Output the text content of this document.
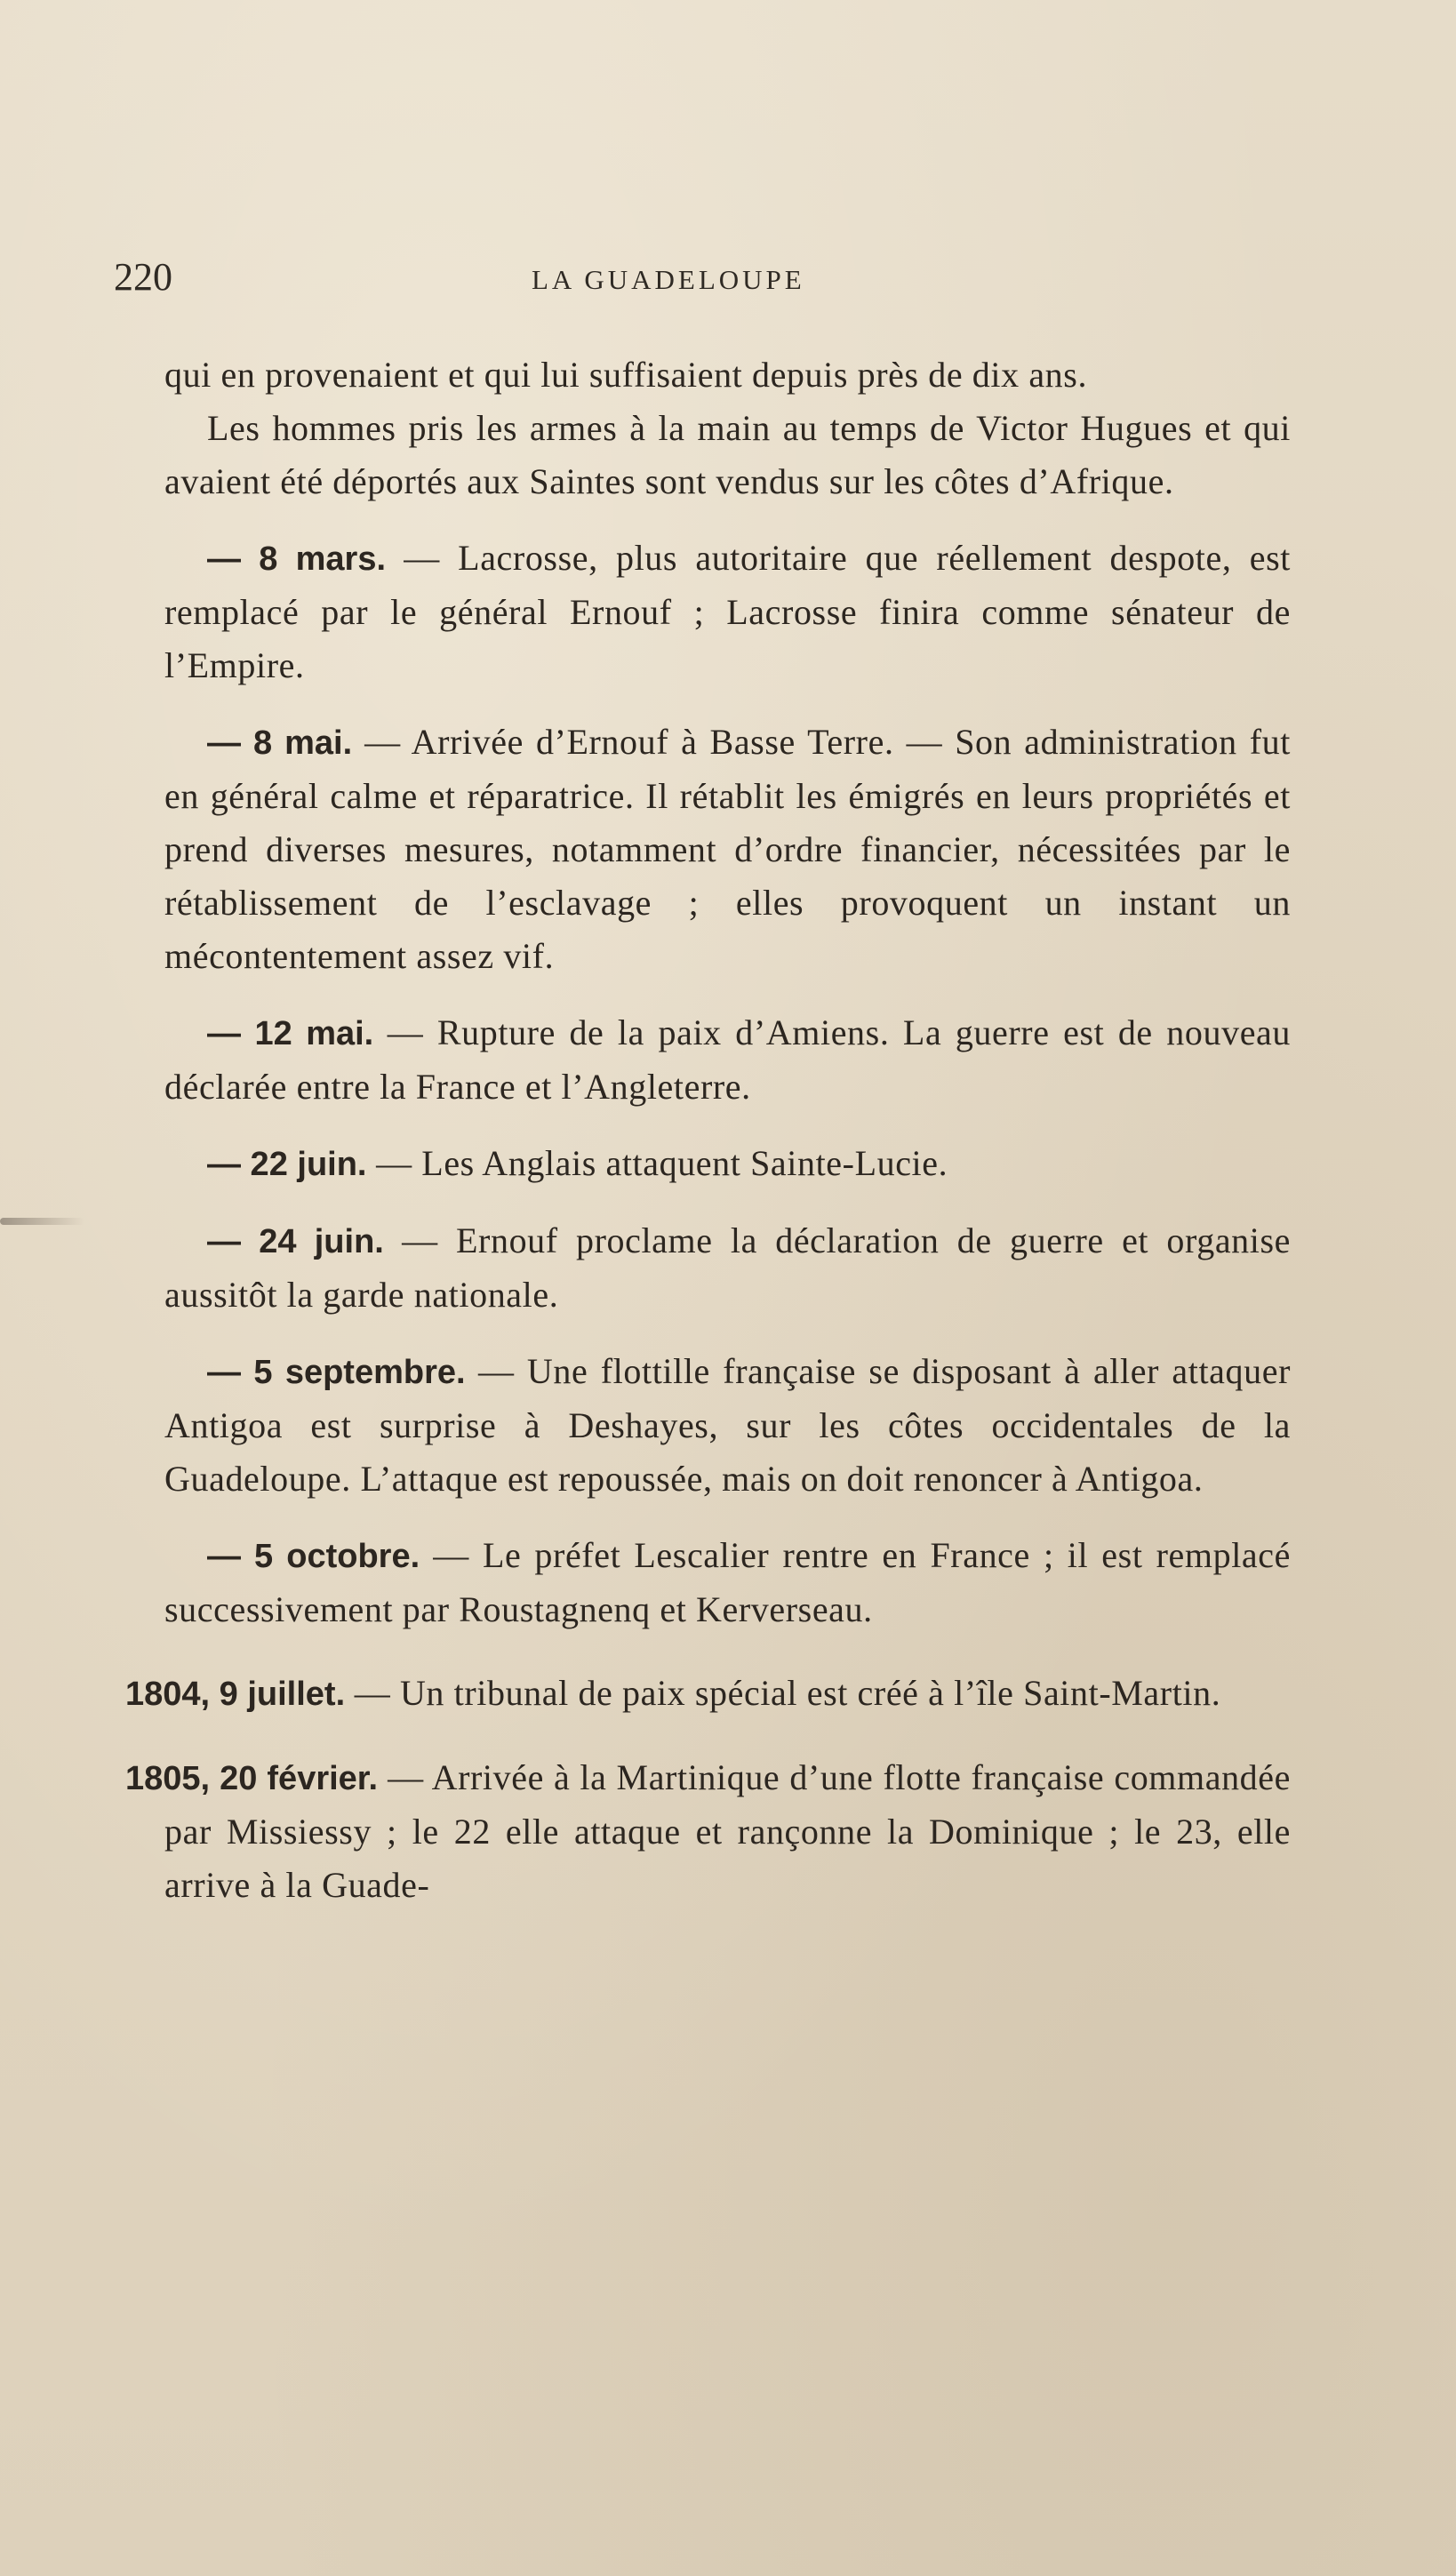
220	LA GUADELOUPE

qui en provenaient et qui lui suffisaient depuis près de dix ans.

Les hommes pris les armes à la main au temps de Victor Hugues et qui avaient été déportés aux Saintes sont vendus sur les côtes d’Afrique.

— 8 mars. — Lacrosse, plus autoritaire que réellement despote, est remplacé par le général Ernouf ; Lacrosse finira comme sénateur de l’Empire.

— 8 mai. — Arrivée d’Ernouf à Basse Terre. — Son administration fut en général calme et réparatrice. Il rétablit les émigrés en leurs propriétés et prend diverses mesures, notamment d’ordre financier, nécessitées par le rétablissement de l’esclavage ; elles provoquent un instant un mécontentement assez vif.

— 12 mai. — Rupture de la paix d’Amiens. La guerre est de nouveau déclarée entre la France et l’Angleterre.

— 22 juin. — Les Anglais attaquent Sainte-Lucie.

— 24 juin. — Ernouf proclame la déclaration de guerre et organise aussitôt la garde nationale.

— 5 septembre. — Une flottille française se disposant à aller attaquer Antigoa est surprise à Deshayes, sur les côtes occidentales de la Guadeloupe. L’attaque est repoussée, mais on doit renoncer à Antigoa.

— 5 octobre. — Le préfet Lescalier rentre en France ; il est remplacé successivement par Roustagnenq et Kerverseau.

1804, 9 juillet. — Un tribunal de paix spécial est créé à l’île Saint-Martin.

1805, 20 février. — Arrivée à la Martinique d’une flotte française commandée par Missiessy ; le 22 elle attaque et rançonne la Dominique ; le 23, elle arrive à la Guade-
